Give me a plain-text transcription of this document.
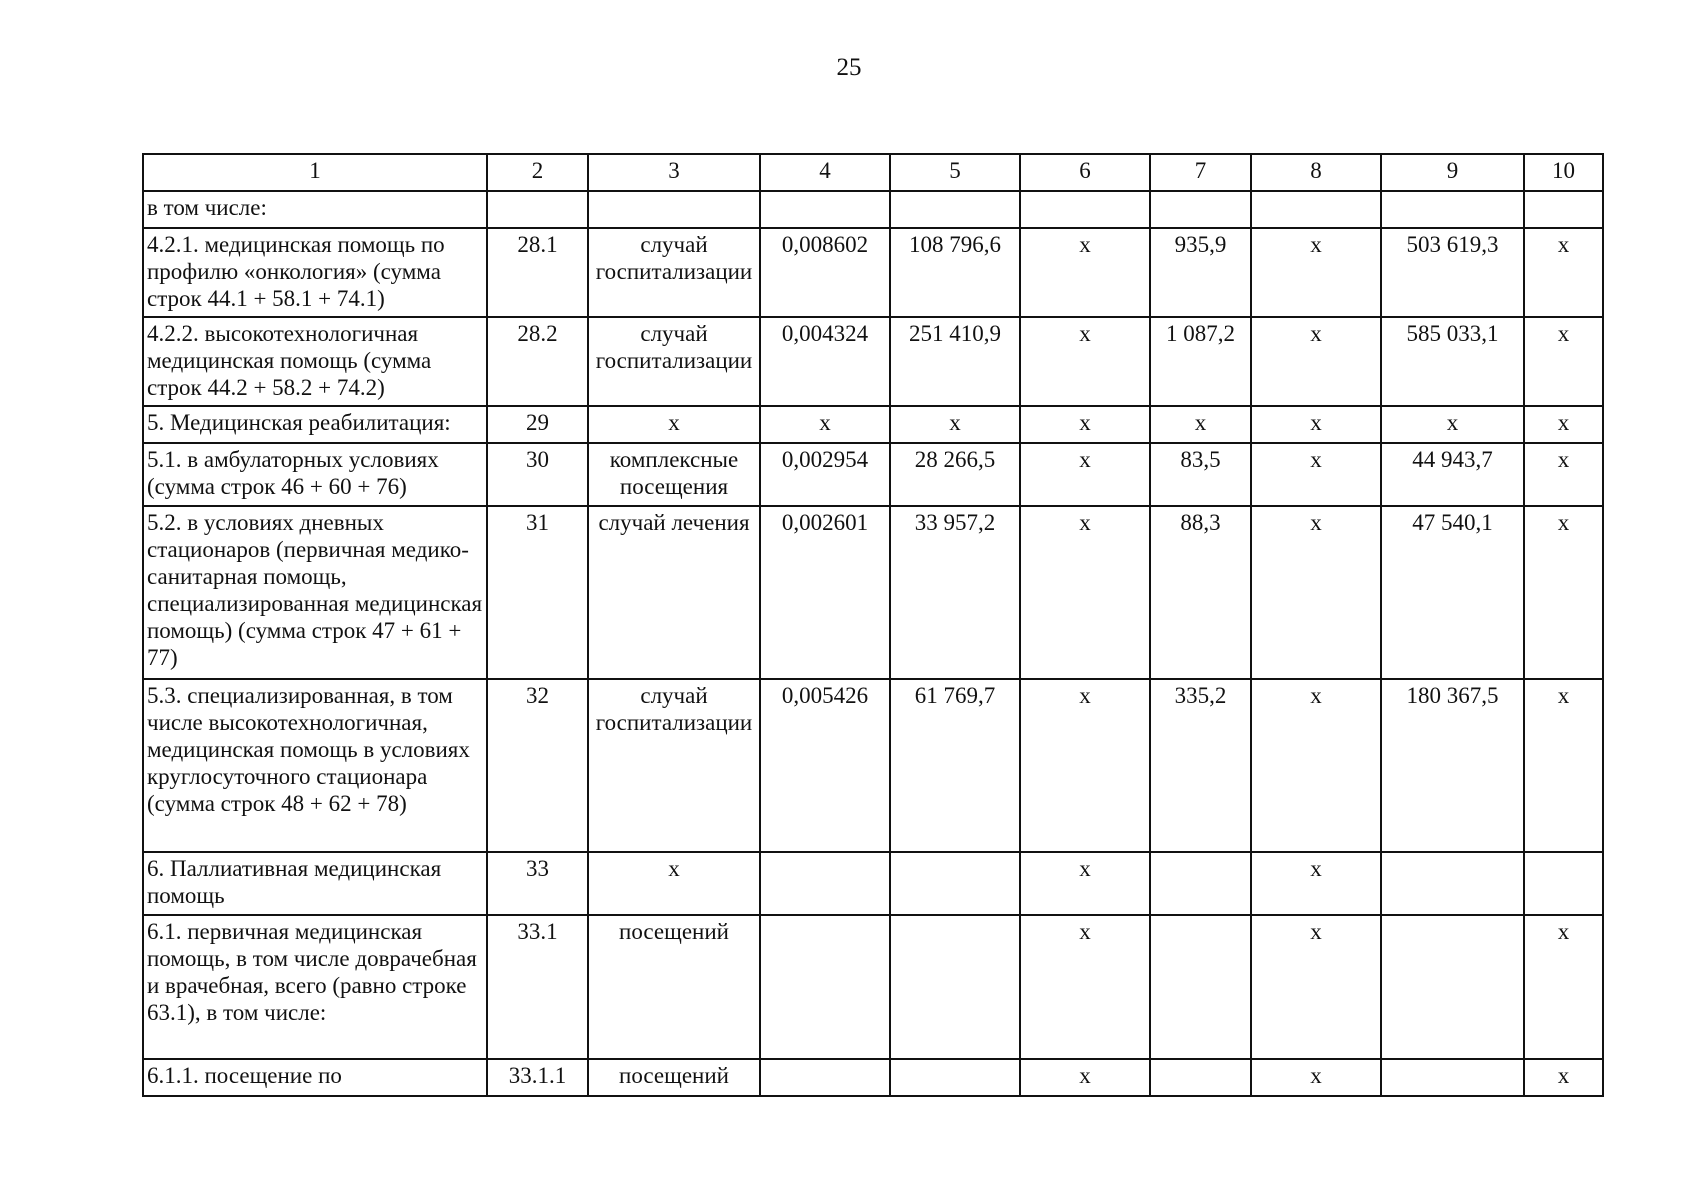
25
1	2	3	4	5	6	7	8	9	10
в том числе:									
4.2.1. медицинская помощь по профилю «онкология» (сумма строк 44.1 + 58.1 + 74.1)	28.1	случай госпитализации	0,008602	108 796,6	х	935,9	х	503 619,3	х
4.2.2. высокотехнологичная медицинская помощь (сумма строк 44.2 + 58.2 + 74.2)	28.2	случай госпитализации	0,004324	251 410,9	х	1 087,2	х	585 033,1	х
5. Медицинская реабилитация:	29	х	х	х	х	х	х	х	х
5.1. в амбулаторных условиях (сумма строк 46 + 60 + 76)	30	комплексные посещения	0,002954	28 266,5	х	83,5	х	44 943,7	х
5.2. в условиях дневных стационаров (первичная медико-санитарная помощь, специализированная медицинская помощь) (сумма строк 47 + 61 + 77)	31	случай лечения	0,002601	33 957,2	х	88,3	х	47 540,1	х
5.3. специализированная, в том числе высокотехнологичная, медицинская помощь в условиях круглосуточного стационара (сумма строк 48 + 62 + 78)	32	случай госпитализации	0,005426	61 769,7	х	335,2	х	180 367,5	х
6. Паллиативная медицинская помощь	33	х			х		х		
6.1. первичная медицинская помощь, в том числе доврачебная и врачебная, всего (равно строке 63.1), в том числе:	33.1	посещений			х		х		х
6.1.1. посещение по	33.1.1	посещений			х		х		х
